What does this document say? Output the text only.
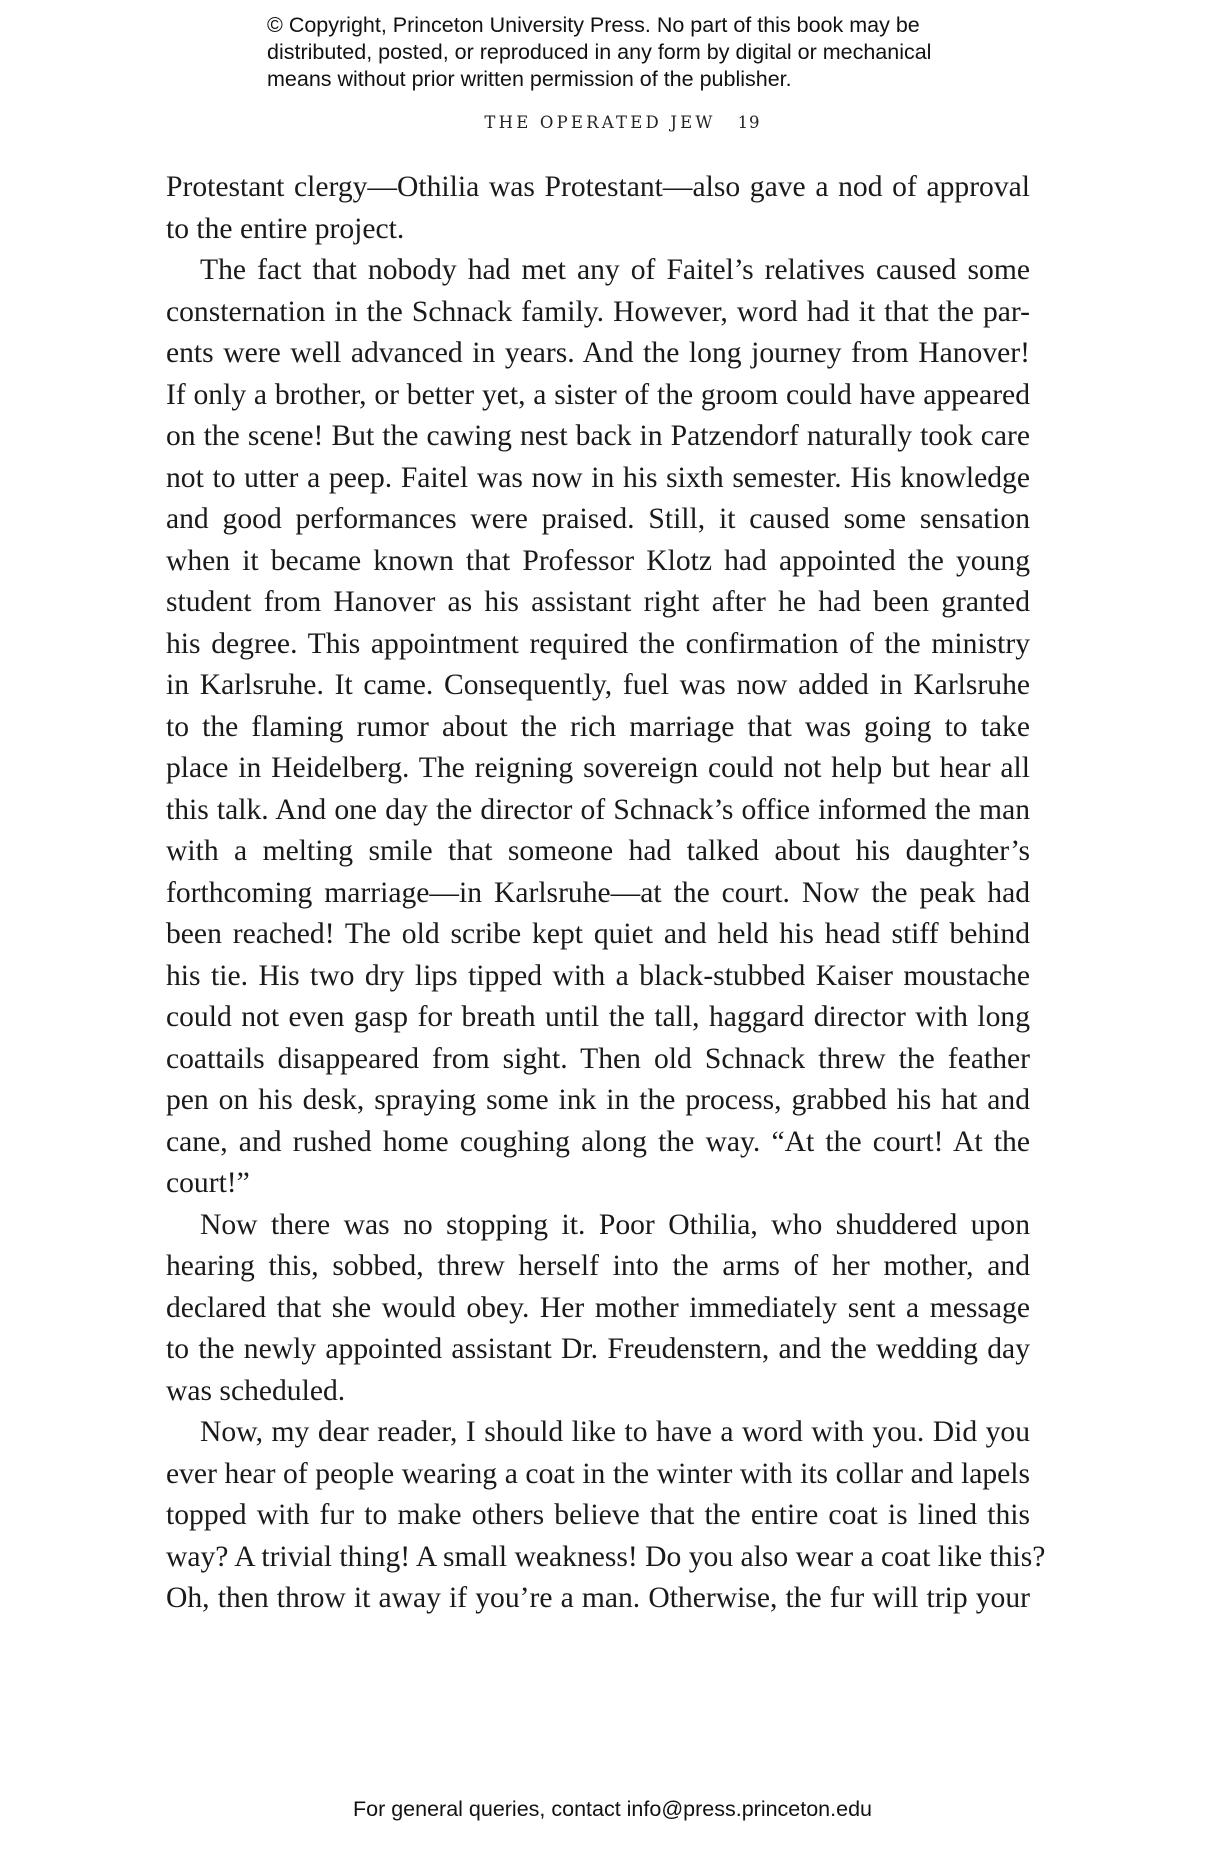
© Copyright, Princeton University Press. No part of this book may be
distributed, posted, or reproduced in any form by digital or mechanical
means without prior written permission of the publisher.
THE OPERATED JEW 19
Protestant clergy—Othilia was Protestant—also gave a nod of approval
to the entire project.
The fact that nobody had met any of Faitel’s relatives caused some
consternation in the Schnack family. However, word had it that the par-
ents were well advanced in years. And the long journey from Hanover!
If only a brother, or better yet, a sister of the groom could have appeared
on the scene! But the cawing nest back in Patzendorf naturally took care
not to utter a peep. Faitel was now in his sixth semester. His knowledge
and good performances were praised. Still, it caused some sensation
when it became known that Professor Klotz had appointed the young
student from Hanover as his assistant right after he had been granted
his degree. This appointment required the confirmation of the ministry
in Karlsruhe. It came. Consequently, fuel was now added in Karlsruhe
to the flaming rumor about the rich marriage that was going to take
place in Heidelberg. The reigning sovereign could not help but hear all
this talk. And one day the director of Schnack’s office informed the man
with a melting smile that someone had talked about his daughter’s
forthcoming marriage—in Karlsruhe—at the court. Now the peak had
been reached! The old scribe kept quiet and held his head stiff behind
his tie. His two dry lips tipped with a black-stubbed Kaiser moustache
could not even gasp for breath until the tall, haggard director with long
coattails disappeared from sight. Then old Schnack threw the feather
pen on his desk, spraying some ink in the process, grabbed his hat and
cane, and rushed home coughing along the way. “At the court! At the
court!”
Now there was no stopping it. Poor Othilia, who shuddered upon
hearing this, sobbed, threw herself into the arms of her mother, and
declared that she would obey. Her mother immediately sent a message
to the newly appointed assistant Dr. Freudenstern, and the wedding day
was scheduled.
Now, my dear reader, I should like to have a word with you. Did you
ever hear of people wearing a coat in the winter with its collar and lapels
topped with fur to make others believe that the entire coat is lined this
way? A trivial thing! A small weakness! Do you also wear a coat like this?
Oh, then throw it away if you’re a man. Otherwise, the fur will trip your
For general queries, contact info@press.princeton.edu
